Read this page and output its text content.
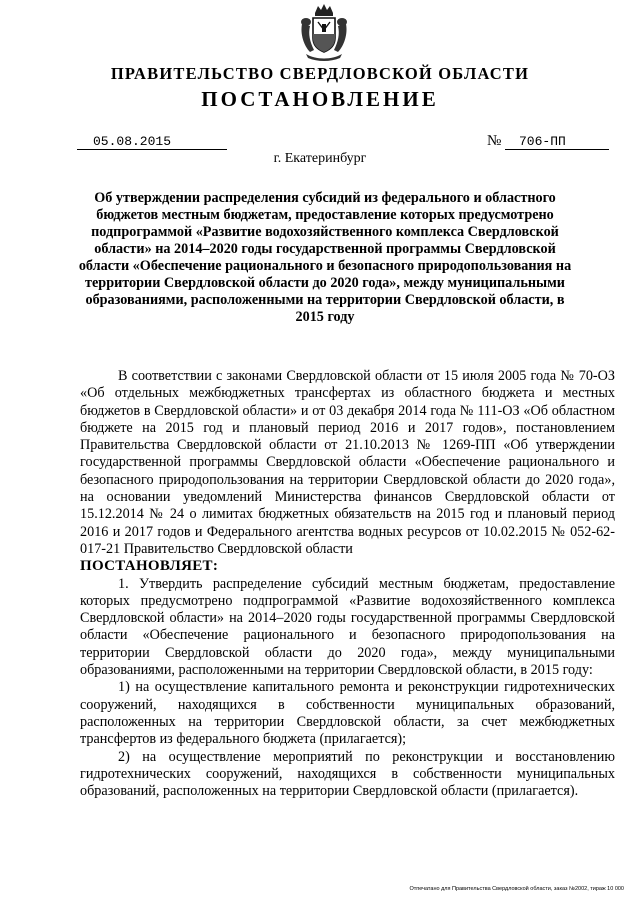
ПРАВИТЕЛЬСТВО СВЕРДЛОВСКОЙ ОБЛАСТИ
ПОСТАНОВЛЕНИЕ
05.08.2015	№	706-ПП
г. Екатеринбург

Об утверждении распределения субсидий из федерального и областного бюджетов местным бюджетам, предоставление которых предусмотрено подпрограммой «Развитие водохозяйственного комплекса Свердловской области» на 2014–2020 годы государственной программы Свердловской области «Обеспечение рационального и безопасного природопользования на территории Свердловской области до 2020 года», между муниципальными образованиями, расположенными на территории Свердловской области, в 2015 году

В соответствии с законами Свердловской области от 15 июля 2005 года № 70-ОЗ «Об отдельных межбюджетных трансфертах из областного бюджета и местных бюджетов в Свердловской области» и от 03 декабря 2014 года № 111-ОЗ «Об областном бюджете на 2015 год и плановый период 2016 и 2017 годов», постановлением Правительства Свердловской области от 21.10.2013 № 1269-ПП «Об утверждении государственной программы Свердловской области «Обеспечение рационального и безопасного природопользования на территории Свердловской области до 2020 года», на основании уведомлений Министерства финансов Свердловской области от 15.12.2014 № 24 о лимитах бюджетных обязательств на 2015 год и плановый период 2016 и 2017 годов и Федерального агентства водных ресурсов от 10.02.2015 № 052-62-017-21 Правительство Свердловской области

ПОСТАНОВЛЯЕТ:

1. Утвердить распределение субсидий местным бюджетам, предоставление которых предусмотрено подпрограммой «Развитие водохозяйственного комплекса Свердловской области» на 2014–2020 годы государственной программы Свердловской области «Обеспечение рационального и безопасного природопользования на территории Свердловской области до 2020 года», между муниципальными образованиями, расположенными на территории Свердловской области, в 2015 году:

1) на осуществление капитального ремонта и реконструкции гидротехнических сооружений, находящихся в собственности муниципальных образований, расположенных на территории Свердловской области, за счет межбюджетных трансфертов из федерального бюджета (прилагается);

2) на осуществление мероприятий по реконструкции и восстановлению гидротехнических сооружений, находящихся в собственности муниципальных образований, расположенных на территории Свердловской области (прилагается).

Отпечатано для Правительства Свердловской области, заказ №2002, тираж 10 000
